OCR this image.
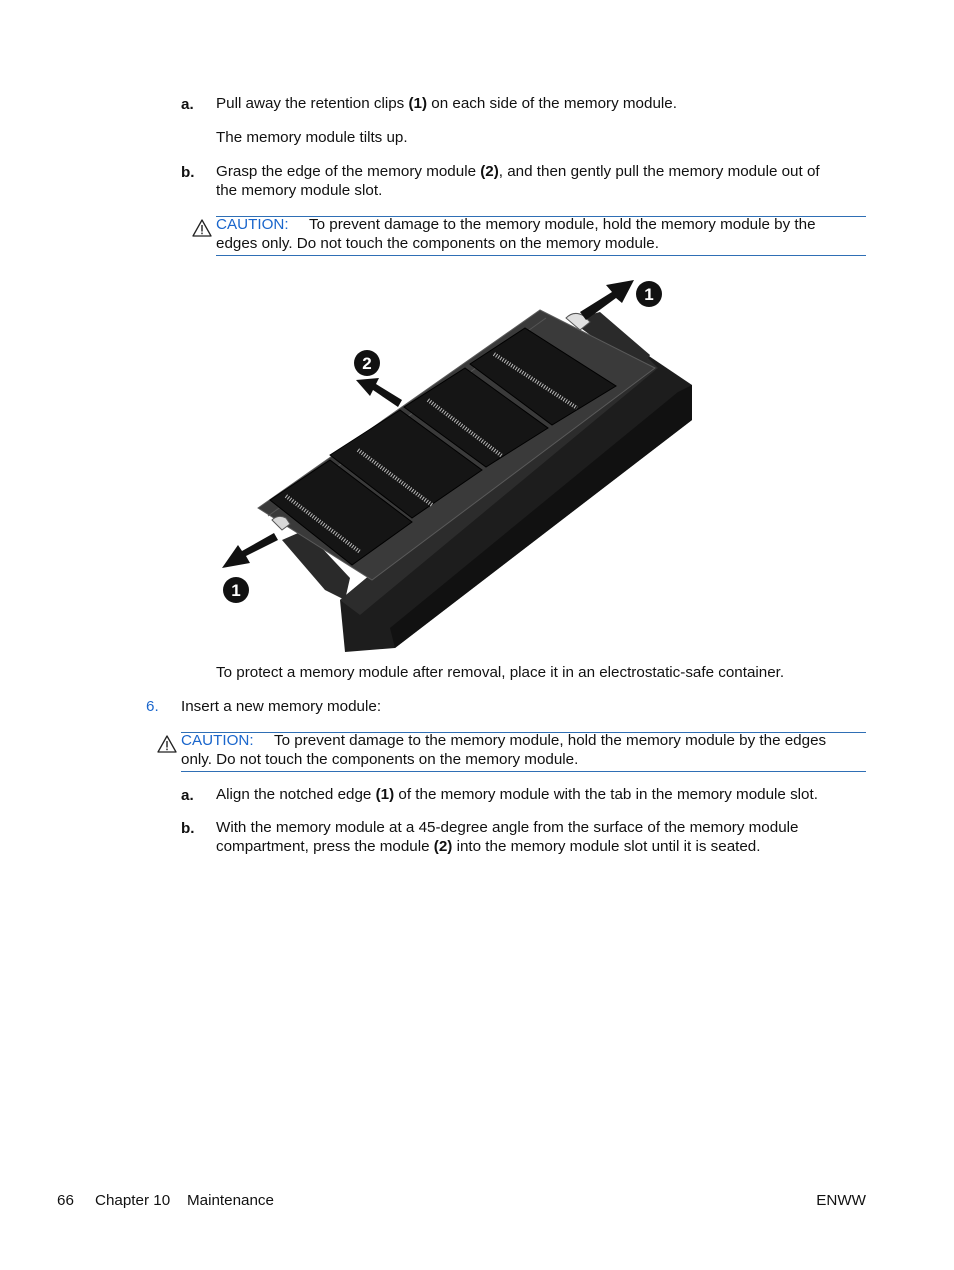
a. Pull away the retention clips (1) on each side of the memory module.
The memory module tilts up.
b. Grasp the edge of the memory module (2), and then gently pull the memory module out of
the memory module slot.
CAUTION: To prevent damage to the memory module, hold the memory module by the
edges only. Do not touch the components on the memory module.
1
2
1
To protect a memory module after removal, place it in an electrostatic-safe container.
6. Insert a new memory module:
CAUTION: To prevent damage to the memory module, hold the memory module by the edges
only. Do not touch the components on the memory module.
a. Align the notched edge (1) of the memory module with the tab in the memory module slot.
b. With the memory module at a 45-degree angle from the surface of the memory module
compartment, press the module (2) into the memory module slot until it is seated.
66 Chapter 10 Maintenance	ENWW
